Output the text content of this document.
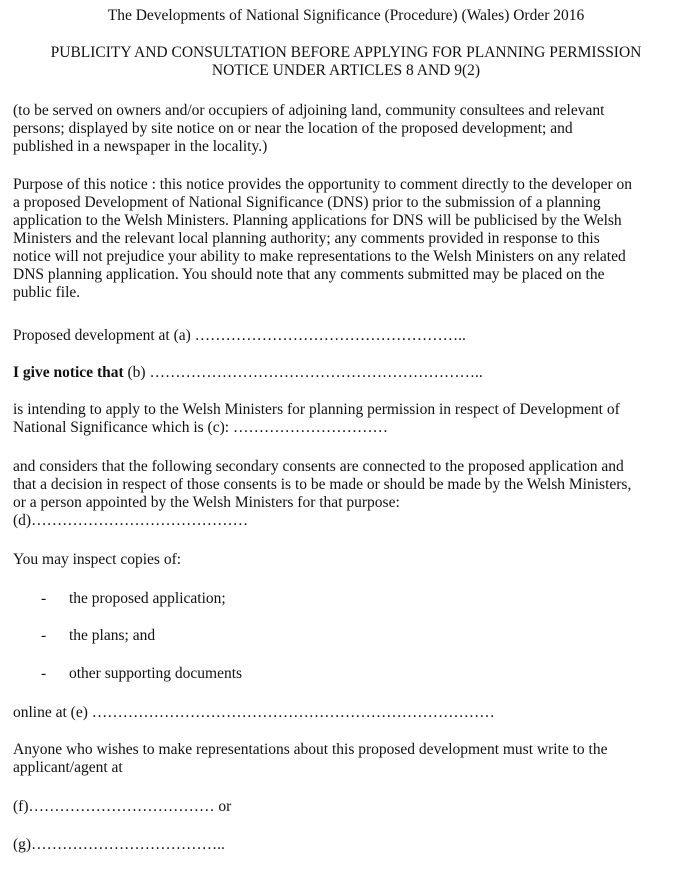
The Developments of National Significance (Procedure) (Wales) Order 2016
PUBLICITY AND CONSULTATION BEFORE APPLYING FOR PLANNING PERMISSION
NOTICE UNDER ARTICLES 8 AND 9(2)
(to be served on owners and/or occupiers of adjoining land, community consultees and relevant
persons; displayed by site notice on or near the location of the proposed development; and
published in a newspaper in the locality.)
Purpose of this notice : this notice provides the opportunity to comment directly to the developer on
a proposed Development of National Significance (DNS) prior to the submission of a planning
application to the Welsh Ministers. Planning applications for DNS will be publicised by the Welsh
Ministers and the relevant local planning authority; any comments provided in response to this
notice will not prejudice your ability to make representations to the Welsh Ministers on any related
DNS planning application. You should note that any comments submitted may be placed on the
public file.
Proposed development at (a) ……………………………………………..
I give notice that (b) ………………………………………………………..
is intending to apply to the Welsh Ministers for planning permission in respect of Development of
National Significance which is (c): …………………………
and considers that the following secondary consents are connected to the proposed application and
that a decision in respect of those consents is to be made or should be made by the Welsh Ministers,
or a person appointed by the Welsh Ministers for that purpose:
(d)……………………………………
You may inspect copies of:
- the proposed application;
- the plans; and
- other supporting documents
online at (e) ……………………………………………………………………
Anyone who wishes to make representations about this proposed development must write to the
applicant/agent at
(f)……………………………… or
(g)………………………………..
